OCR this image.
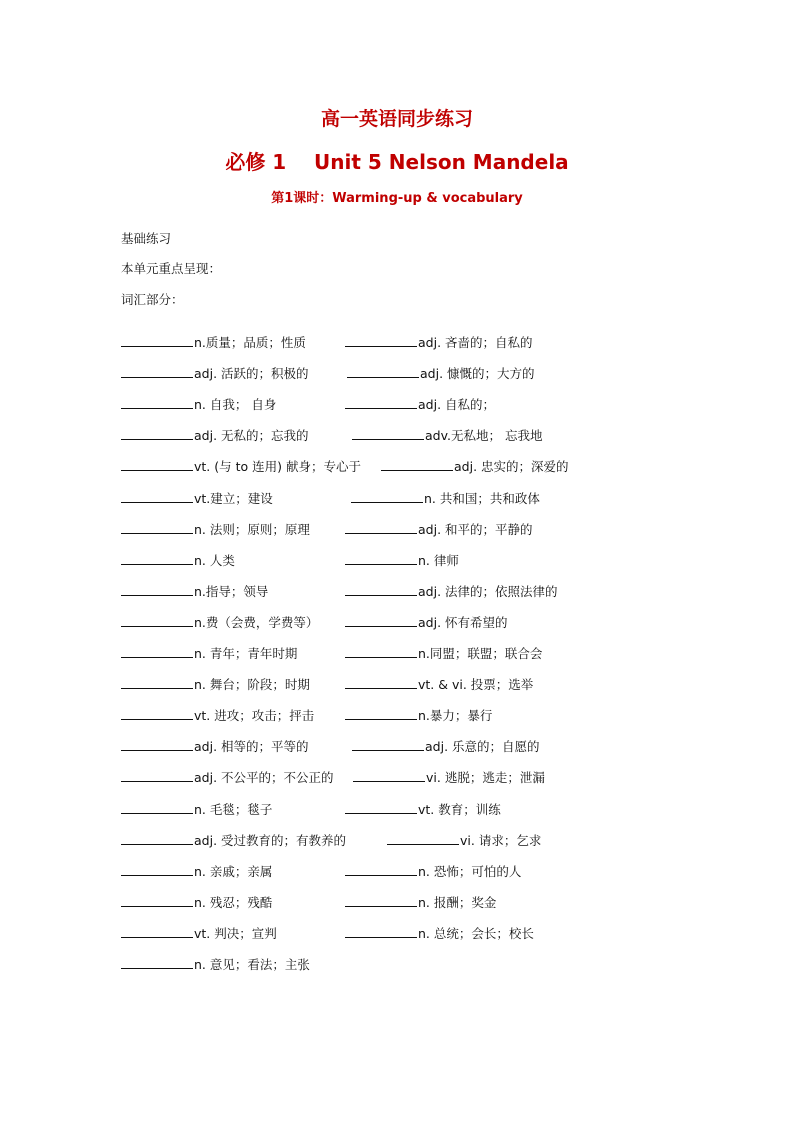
高一英语同步练习
必修 1    Unit 5 Nelson Mandela
第1课时：Warming-up & vocabulary
基础练习
本单元重点呈现：
词汇部分：
n.质量；品质；性质	adj. 吝啬的；自私的
adj. 活跃的；积极的	adj. 慷慨的；大方的
n. 自我； 自身	adj. 自私的；
adj. 无私的；忘我的	adv.无私地； 忘我地
vt. (与 to 连用) 献身；专心于	adj. 忠实的；深爱的
vt.建立；建设	n. 共和国；共和政体
n. 法则；原则；原理	adj. 和平的；平静的
n. 人类	n. 律师
n.指导；领导	adj. 法律的；依照法律的
n.费（会费，学费等）	adj. 怀有希望的
n. 青年；青年时期	n.同盟；联盟；联合会
n. 舞台；阶段；时期	vt. & vi. 投票；选举
vt. 进攻；攻击；抨击	n.暴力；暴行
adj. 相等的；平等的	adj. 乐意的；自愿的
adj. 不公平的；不公正的	vi. 逃脱；逃走；泄漏
n. 毛毯；毯子	vt. 教育；训练
adj. 受过教育的；有教养的	vi. 请求；乞求
n. 亲戚；亲属	n. 恐怖；可怕的人
n. 残忍；残酷	n. 报酬；奖金
vt. 判决；宣判	n. 总统；会长；校长
n. 意见；看法；主张
